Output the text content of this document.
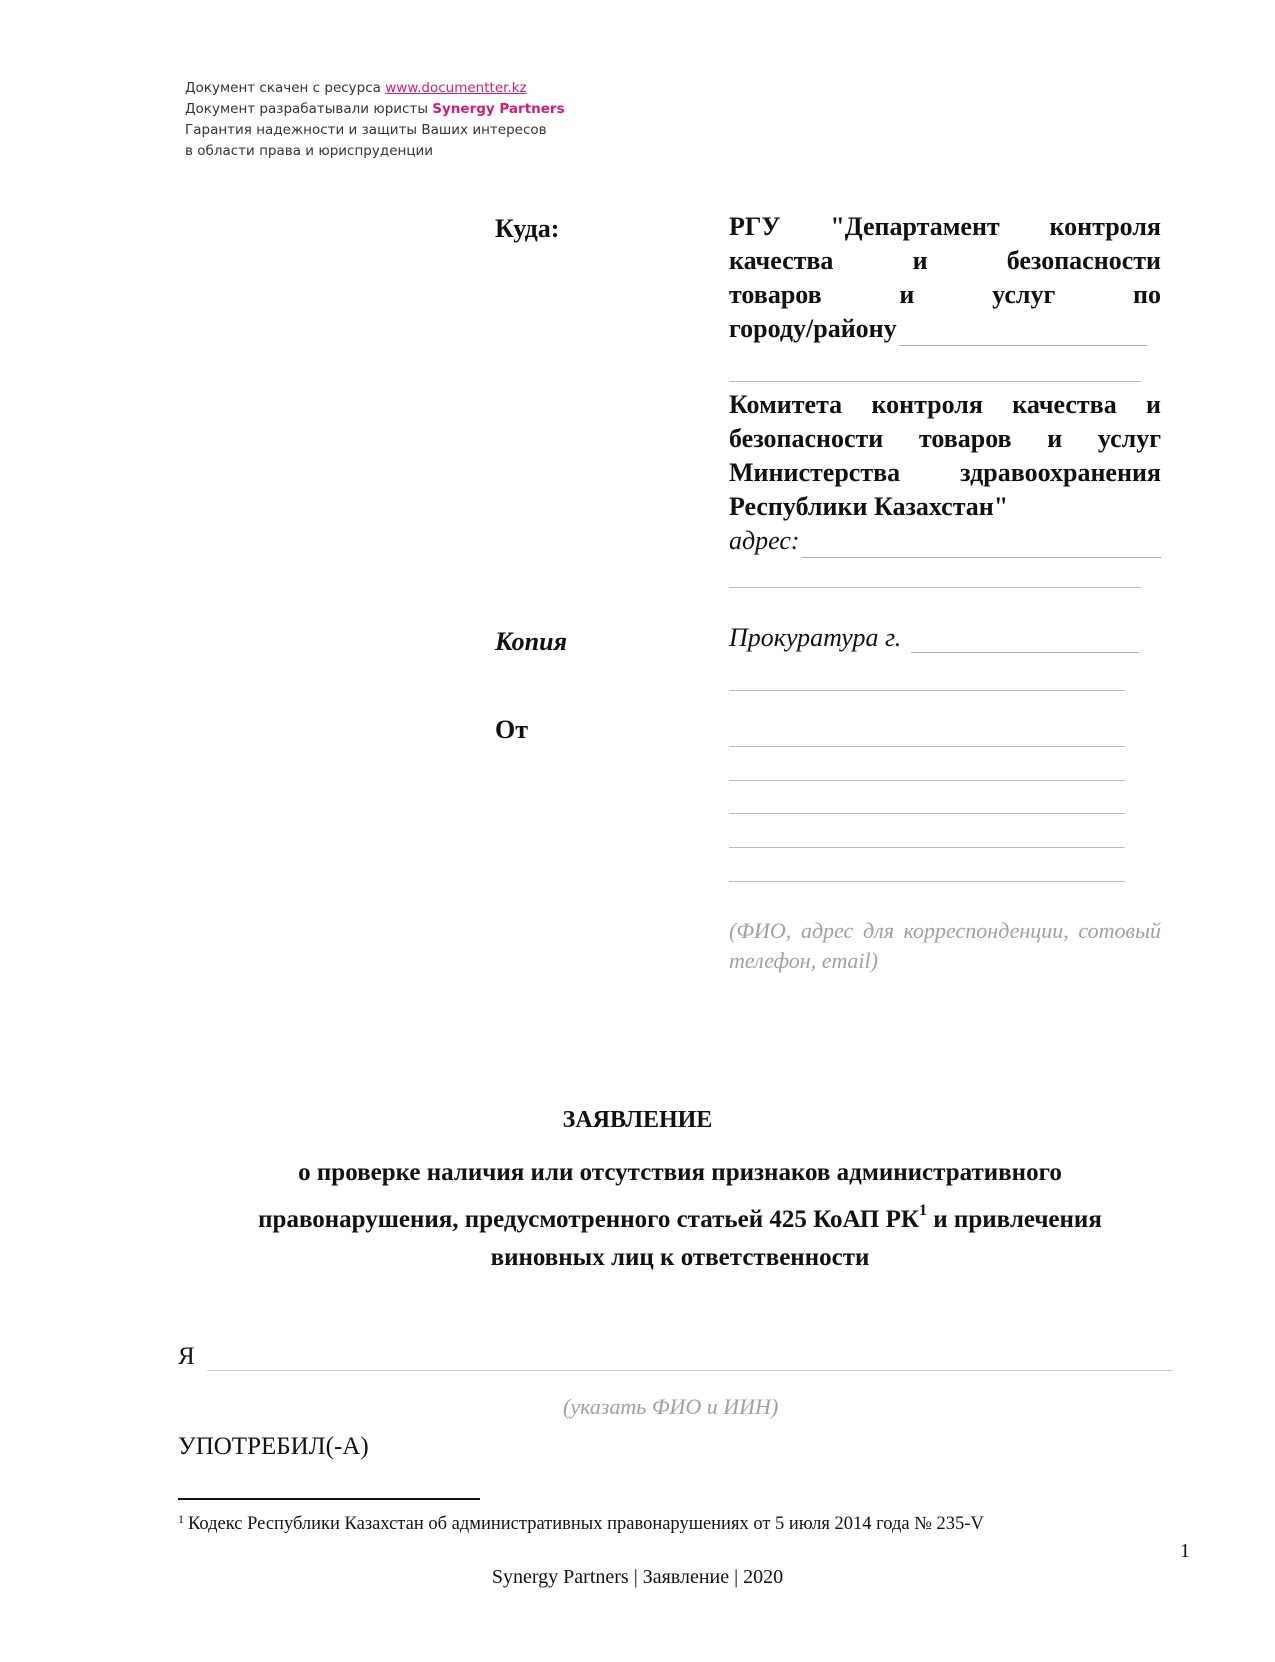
Документ скачен с ресурса www.documentter.kz
Документ разрабатывали юристы Synergy Partners
Гарантия надежности и защиты Ваших интересов
в области права и юриспруденции
Куда:	РГУ "Департамент контроля
качества и безопасности
товаров и услуг по
городу/району
Комитета контроля качества и
безопасности товаров и услуг
Министерства здравоохранения
Республики Казахстан"
адрес:
Копия	Прокуратура г.
От
(ФИО, адрес для корреспонденции, сотовый телефон, email)
ЗАЯВЛЕНИЕ
о проверке наличия или отсутствия признаков административного
правонарушения, предусмотренного статьей 425 КоАП $РК^1$ и привлечения
виновных лиц к ответственности
Я
(указать ФИО и ИИН)
УПОТРЕБИЛ(-А)
$^1$ Кодекс Республики Казахстан об административных правонарушениях от 5 июля 2014 года № 235-V
1
Synergy Partners | Заявление | 2020
